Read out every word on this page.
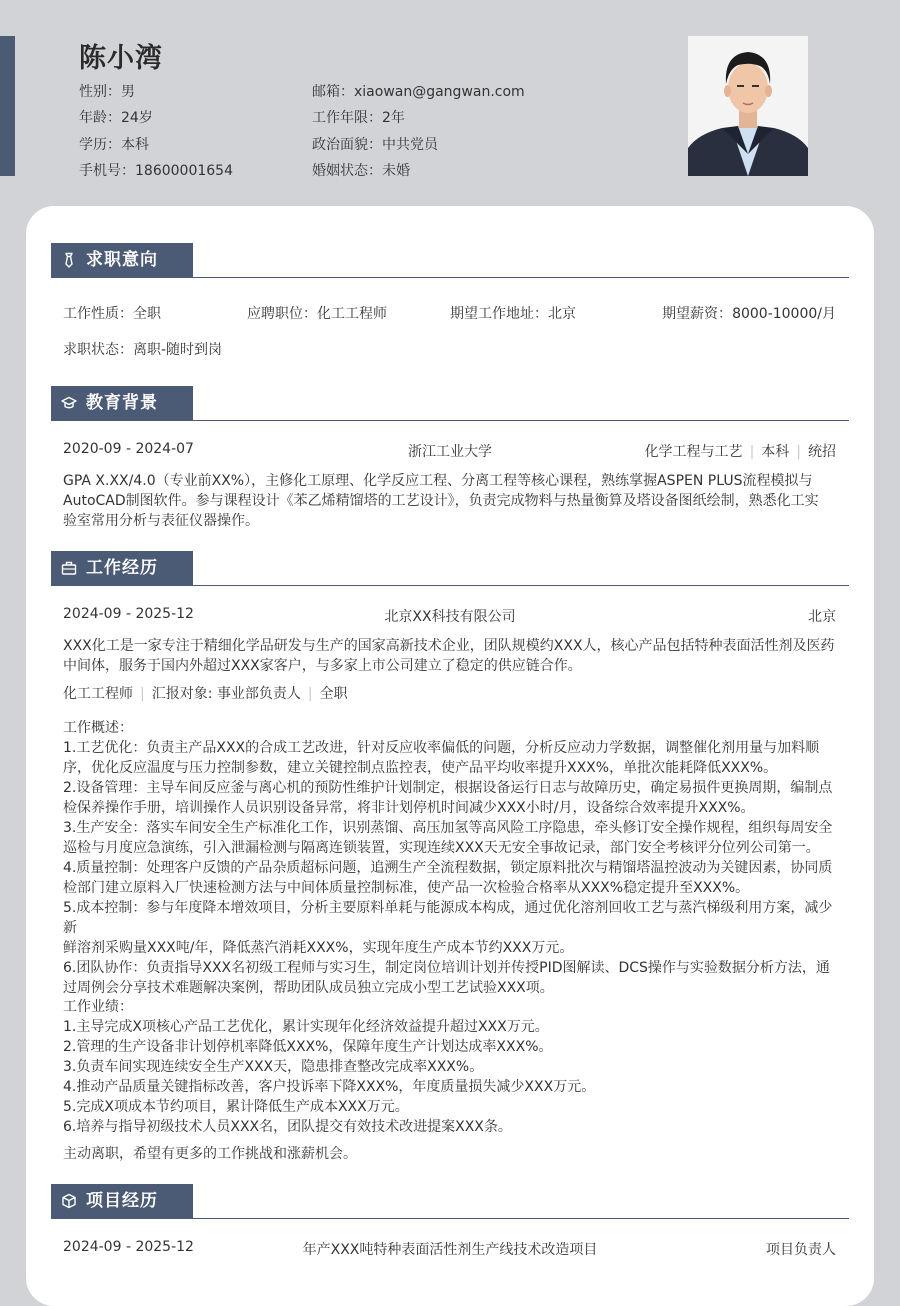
陈小湾
性别：男
年龄：24岁
学历：本科
手机号：18600001654
邮箱：xiaowan@gangwan.com
工作年限：2年
政治面貌：中共党员
婚姻状态：未婚
求职意向
工作性质：全职	应聘职位：化工工程师	期望工作地址：北京	期望薪资：8000-10000/月
求职状态：离职-随时到岗
教育背景
2020-09 - 2024-07	浙江工业大学	化学工程与工艺 | 本科 | 统招
GPA X.XX/4.0（专业前XX%），主修化工原理、化学反应工程、分离工程等核心课程，熟练掌握ASPEN PLUS流程模拟与
AutoCAD制图软件。参与课程设计《苯乙烯精馏塔的工艺设计》，负责完成物料与热量衡算及塔设备图纸绘制，熟悉化工实
验室常用分析与表征仪器操作。
工作经历
2024-09 - 2025-12	北京XX科技有限公司	北京
XXX化工是一家专注于精细化学品研发与生产的国家高新技术企业，团队规模约XXX人，核心产品包括特种表面活性剂及医药
中间体，服务于国内外超过XXX家客户，与多家上市公司建立了稳定的供应链合作。
化工工程师 | 汇报对象: 事业部负责人 | 全职
工作概述：
1.工艺优化：负责主产品XXX的合成工艺改进，针对反应收率偏低的问题，分析反应动力学数据，调整催化剂用量与加料顺
序，优化反应温度与压力控制参数，建立关键控制点监控表，使产品平均收率提升XXX%，单批次能耗降低XXX%。
2.设备管理：主导车间反应釜与离心机的预防性维护计划制定，根据设备运行日志与故障历史，确定易损件更换周期，编制点
检保养操作手册，培训操作人员识别设备异常，将非计划停机时间减少XXX小时/月，设备综合效率提升XXX%。
3.生产安全：落实车间安全生产标准化工作，识别蒸馏、高压加氢等高风险工序隐患，牵头修订安全操作规程，组织每周安全
巡检与月度应急演练，引入泄漏检测与隔离连锁装置，实现连续XXX天无安全事故记录，部门安全考核评分位列公司第一。
4.质量控制：处理客户反馈的产品杂质超标问题，追溯生产全流程数据，锁定原料批次与精馏塔温控波动为关键因素，协同质
检部门建立原料入厂快速检测方法与中间体质量控制标准，使产品一次检验合格率从XXX%稳定提升至XXX%。
5.成本控制：参与年度降本增效项目，分析主要原料单耗与能源成本构成，通过优化溶剂回收工艺与蒸汽梯级利用方案，减少新
鲜溶剂采购量XXX吨/年，降低蒸汽消耗XXX%，实现年度生产成本节约XXX万元。
6.团队协作：负责指导XXX名初级工程师与实习生，制定岗位培训计划并传授PID图解读、DCS操作与实验数据分析方法，通
过周例会分享技术难题解决案例，帮助团队成员独立完成小型工艺试验XXX项。
工作业绩：
1.主导完成X项核心产品工艺优化，累计实现年化经济效益提升超过XXX万元。
2.管理的生产设备非计划停机率降低XXX%，保障年度生产计划达成率XXX%。
3.负责车间实现连续安全生产XXX天，隐患排查整改完成率XXX%。
4.推动产品质量关键指标改善，客户投诉率下降XXX%，年度质量损失减少XXX万元。
5.完成X项成本节约项目，累计降低生产成本XXX万元。
6.培养与指导初级技术人员XXX名，团队提交有效技术改进提案XXX条。
主动离职，希望有更多的工作挑战和涨薪机会。
项目经历
2024-09 - 2025-12	年产XXX吨特种表面活性剂生产线技术改造项目	项目负责人
